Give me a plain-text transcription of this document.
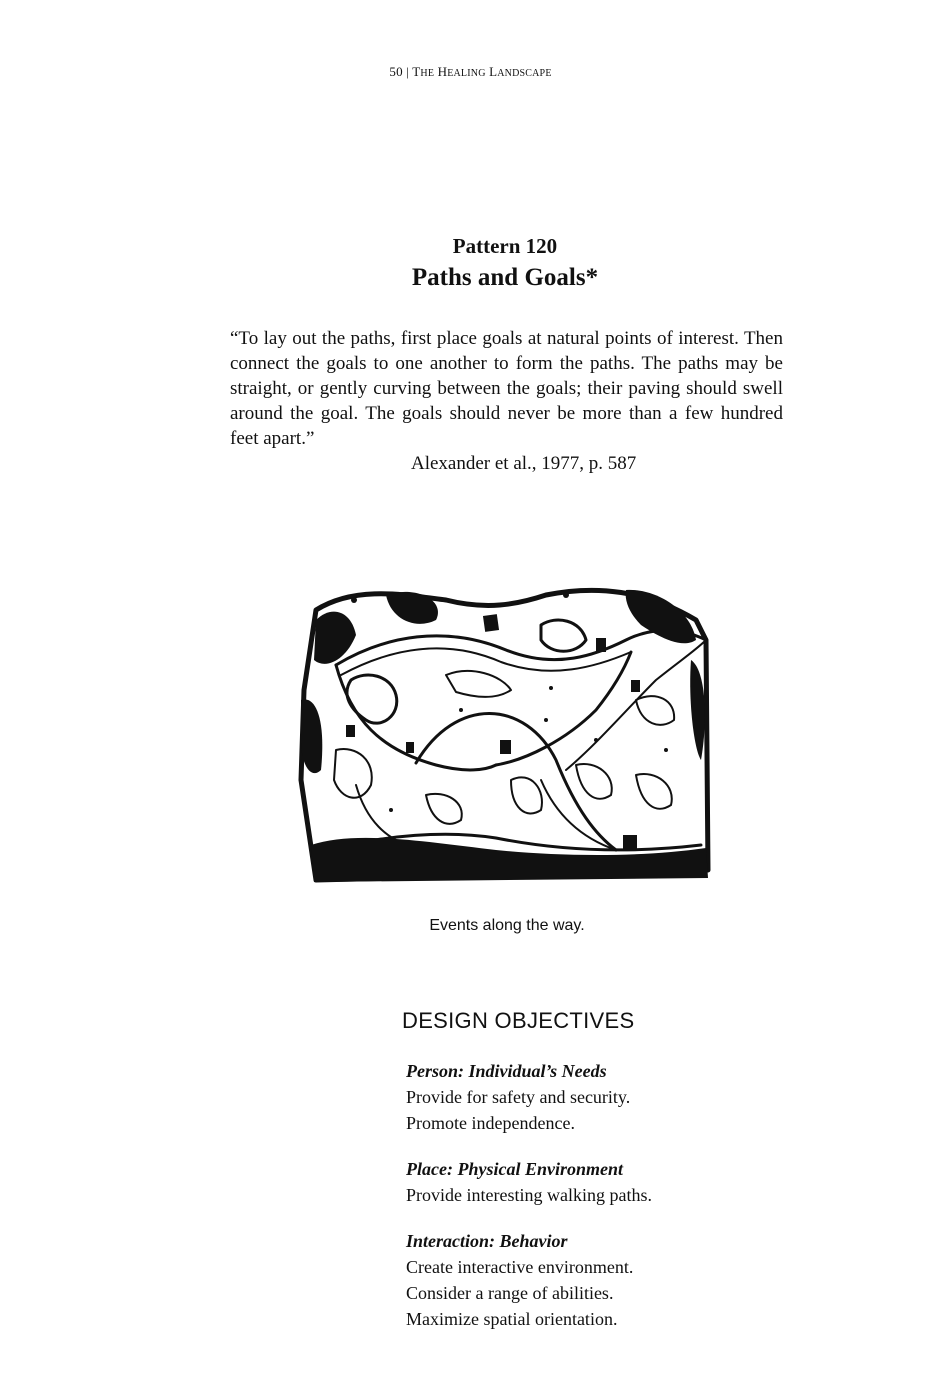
50 | THE HEALING LANDSCAPE
Pattern 120
Paths and Goals*

“To lay out the paths, first place goals at natural points of interest. Then connect the goals to one another to form the paths. The paths may be straight, or gently curving between the goals; their paving should swell around the goal. The goals should never be more than a few hundred feet apart.”

Alexander et al., 1977, p. 587
Events along the way.
DESIGN OBJECTIVES
Person: Individual’s Needs
Provide for safety and security.
Promote independence.
Place: Physical Environment
Provide interesting walking paths.
Interaction: Behavior
Create interactive environment.
Consider a range of abilities.
Maximize spatial orientation.
